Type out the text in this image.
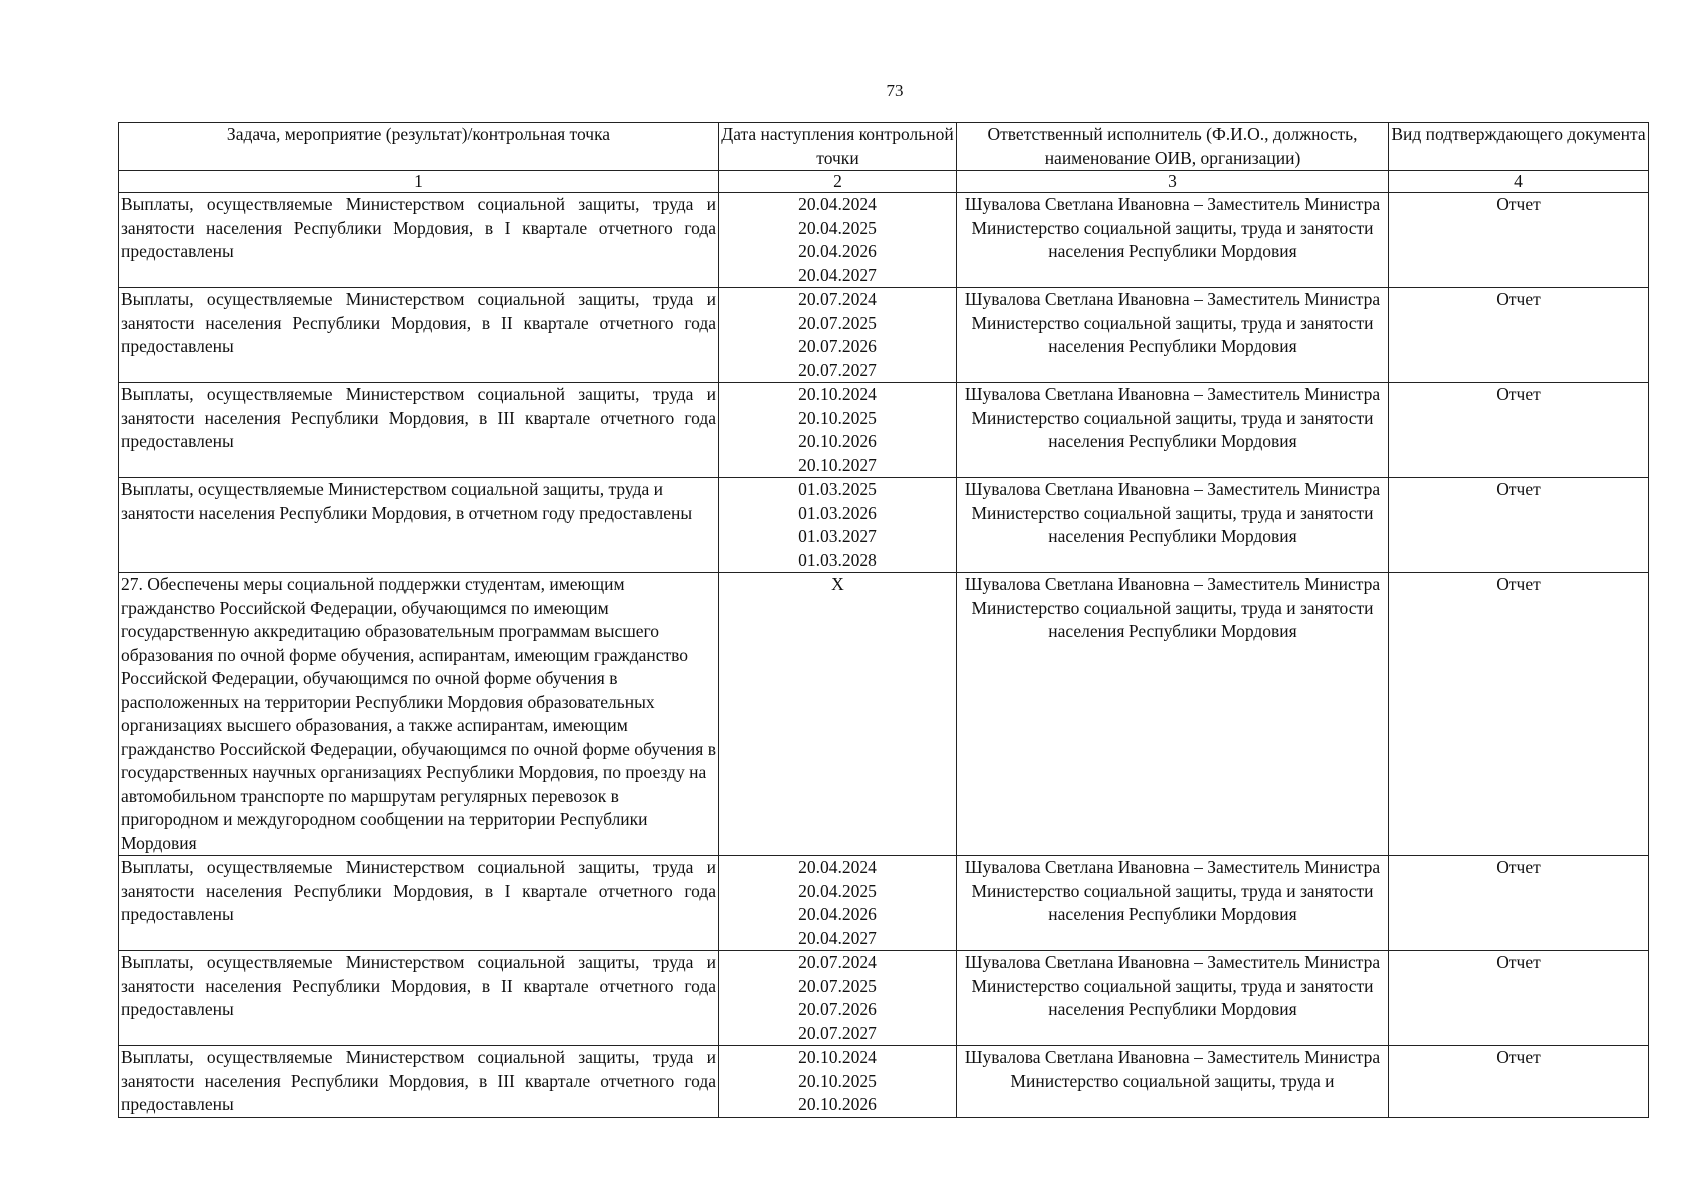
73
Задача, мероприятие (результат)/контрольная точка	Дата наступления контрольной точки	Ответственный исполнитель (Ф.И.О., должность, наименование ОИВ, организации)	Вид подтверждающего документа
1	2	3	4
Выплаты, осуществляемые Министерством социальной защиты, труда и занятости населения Республики Мордовия, в I квартале отчетного года предоставлены	20.04.2024
20.04.2025
20.04.2026
20.04.2027	Шувалова Светлана Ивановна – Заместитель Министра
Министерство социальной защиты, труда и занятости населения Республики Мордовия	Отчет
Выплаты, осуществляемые Министерством социальной защиты, труда и занятости населения Республики Мордовия, в II квартале отчетного года предоставлены	20.07.2024
20.07.2025
20.07.2026
20.07.2027	Шувалова Светлана Ивановна – Заместитель Министра
Министерство социальной защиты, труда и занятости населения Республики Мордовия	Отчет
Выплаты, осуществляемые Министерством социальной защиты, труда и занятости населения Республики Мордовия, в III квартале отчетного года предоставлены	20.10.2024
20.10.2025
20.10.2026
20.10.2027	Шувалова Светлана Ивановна – Заместитель Министра
Министерство социальной защиты, труда и занятости населения Республики Мордовия	Отчет
Выплаты, осуществляемые Министерством социальной защиты, труда и занятости населения Республики Мордовия, в отчетном году предоставлены	01.03.2025
01.03.2026
01.03.2027
01.03.2028	Шувалова Светлана Ивановна – Заместитель Министра
Министерство социальной защиты, труда и занятости населения Республики Мордовия	Отчет
27. Обеспечены меры социальной поддержки студентам, имеющим гражданство Российской Федерации, обучающимся по имеющим государственную аккредитацию образовательным программам высшего образования по очной форме обучения, аспирантам, имеющим гражданство Российской Федерации, обучающимся по очной форме обучения в расположенных на территории Республики Мордовия образовательных организациях высшего образования, а также аспирантам, имеющим гражданство Российской Федерации, обучающимся по очной форме обучения в государственных научных организациях Республики Мордовия, по проезду на автомобильном транспорте по маршрутам регулярных перевозок в пригородном и междугородном сообщении на территории Республики Мордовия	Х	Шувалова Светлана Ивановна – Заместитель Министра
Министерство социальной защиты, труда и занятости населения Республики Мордовия	Отчет
Выплаты, осуществляемые Министерством социальной защиты, труда и занятости населения Республики Мордовия, в I квартале отчетного года предоставлены	20.04.2024
20.04.2025
20.04.2026
20.04.2027	Шувалова Светлана Ивановна – Заместитель Министра
Министерство социальной защиты, труда и занятости населения Республики Мордовия	Отчет
Выплаты, осуществляемые Министерством социальной защиты, труда и занятости населения Республики Мордовия, в II квартале отчетного года предоставлены	20.07.2024
20.07.2025
20.07.2026
20.07.2027	Шувалова Светлана Ивановна – Заместитель Министра
Министерство социальной защиты, труда и занятости населения Республики Мордовия	Отчет
Выплаты, осуществляемые Министерством социальной защиты, труда и занятости населения Республики Мордовия, в III квартале отчетного года предоставлены	20.10.2024
20.10.2025
20.10.2026	Шувалова Светлана Ивановна – Заместитель Министра
Министерство социальной защиты, труда и	Отчет
